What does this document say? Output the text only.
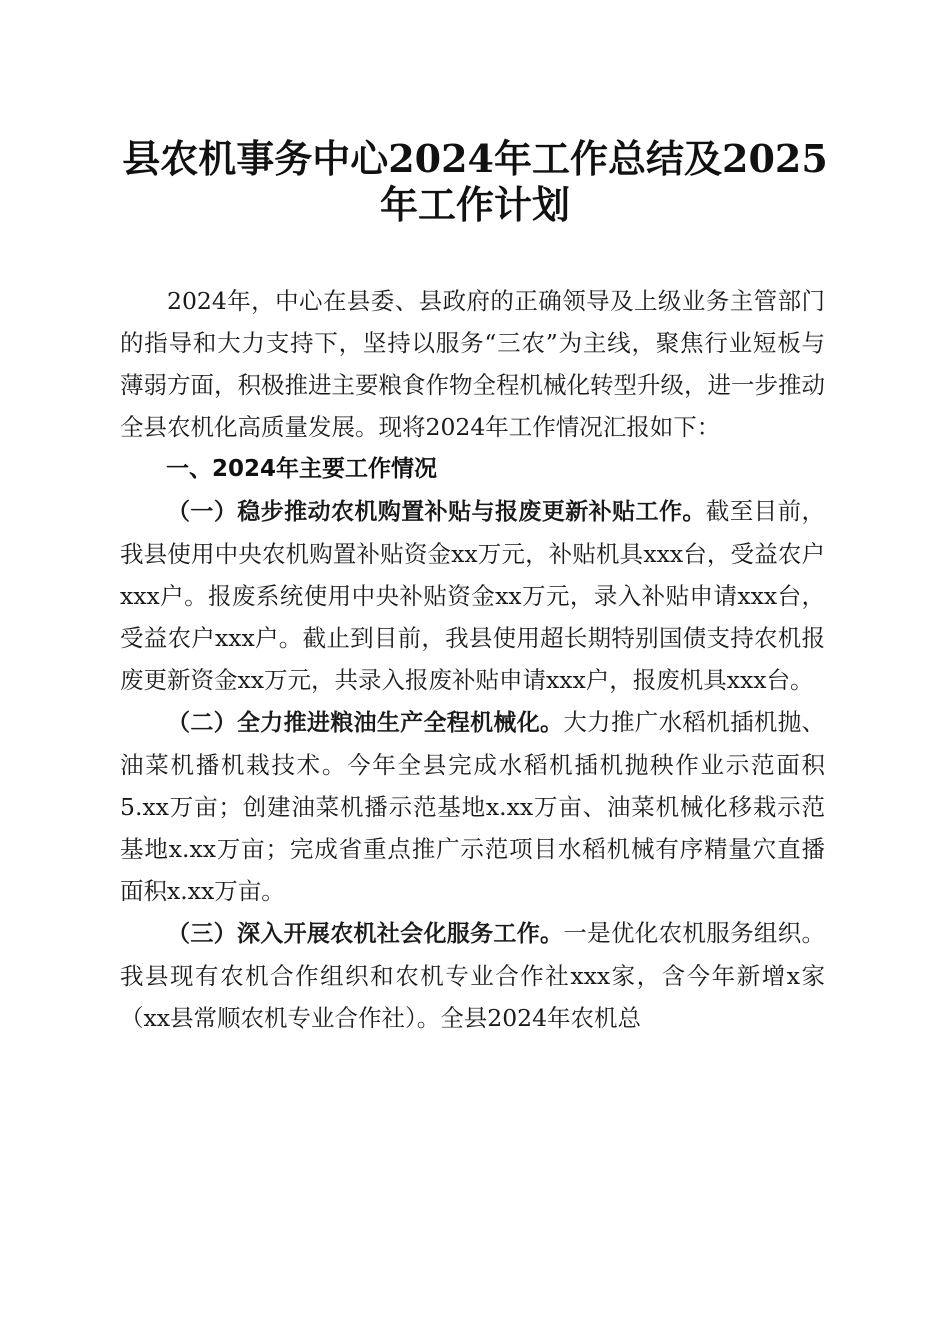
县农机事务中心2024年工作总结及2025年工作计划

2024年，中心在县委、县政府的正确领导及上级业务主管部门的指导和大力支持下，坚持以服务“三农”为主线，聚焦行业短板与薄弱方面，积极推进主要粮食作物全程机械化转型升级，进一步推动全县农机化高质量发展。现将2024年工作情况汇报如下：

一、2024年主要工作情况

（一）稳步推动农机购置补贴与报废更新补贴工作。截至目前，我县使用中央农机购置补贴资金xx万元，补贴机具xxx台，受益农户xxx户。报废系统使用中央补贴资金xx万元，录入补贴申请xxx台，受益农户xxx户。截止到目前，我县使用超长期特别国债支持农机报废更新资金xx万元，共录入报废补贴申请xxx户，报废机具xxx台。

（二）全力推进粮油生产全程机械化。大力推广水稻机插机抛、油菜机播机栽技术。今年全县完成水稻机插机抛秧作业示范面积5.xx万亩；创建油菜机播示范基地x.xx万亩、油菜机械化移栽示范基地x.xx万亩；完成省重点推广示范项目水稻机械有序精量穴直播面积x.xx万亩。

（三）深入开展农机社会化服务工作。一是优化农机服务组织。我县现有农机合作组织和农机专业合作社xxx家，含今年新增x家（xx县常顺农机专业合作社）。全县2024年农机总
